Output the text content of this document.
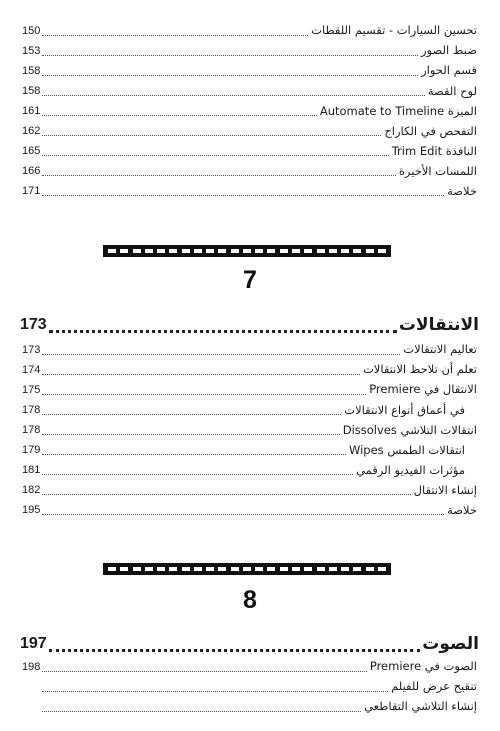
تحسين السيارات - تقسيم اللقطات
150
ضبط الصور
153
قسم الحوار
158
لوح القصة
158
الميزة Automate to Timeline
161
التفحص في الكاراج
162
النافذة Trim Edit
165
اللمسات الأخيرة
166
خلاصة
171
7
الانتقالات
173
تعاليم الانتقالات
173
تعلم أن تلاحظ الانتقالات
174
الانتقال في Premiere
175
في أعماق أنواع الانتقالات
178
انتقالات التلاشي Dissolves
178
انتقالات الطمس Wipes
179
مؤثرات الفيديو الرقمي
181
إنشاء الانتقال
182
خلاصة
195
8
الصوت
197
الصوت في Premiere
198
تنقيح عرض للفيلم
إنشاء التلاشي التقاطعي
